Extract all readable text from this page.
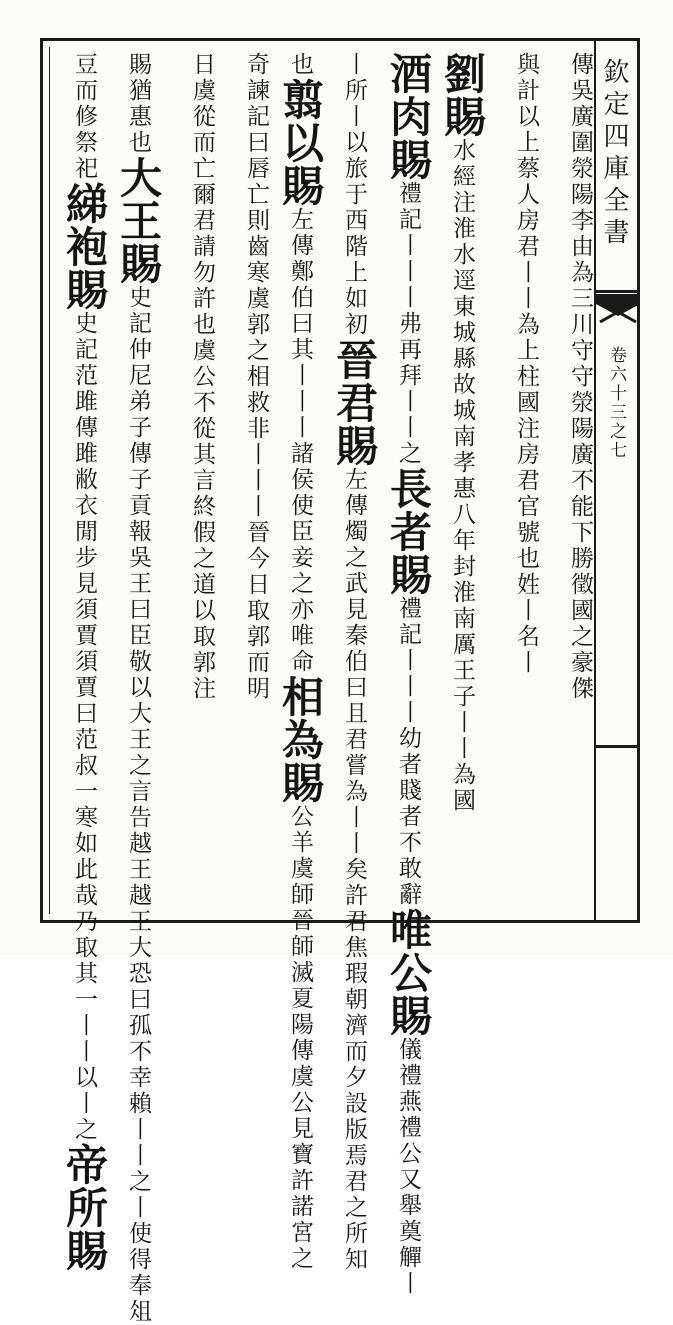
欽定四庫全書
卷六十三之七
傳吳廣圍滎陽李由為三川守守滎陽廣不能下勝徵國之豪傑
與計以上蔡人房君丨丨為上柱國注房君官號也姓丨名丨
劉賜水經注淮水逕東城縣故城南孝惠八年封淮南厲王子丨丨為國
酒肉賜禮記丨丨丨弗再拜丨丨之長者賜禮記丨丨丨幼者賤者不敢辭唯公賜儀禮燕禮公又舉奠觶丨
丨所丨以旅于西階上如初晉君賜左傳燭之武見秦伯曰且君嘗為丨丨矣許君焦瑕朝濟而夕設版焉君之所知
也翦以賜左傳鄭伯曰其丨丨丨諸侯使臣妾之亦唯命相為賜公羊虞師晉師滅夏陽傳虞公見寶許諾宮之
奇諫記曰唇亡則齒寒虞郭之相救非丨丨丨晉今日取郭而明
日虞從而亡爾君請勿許也虞公不從其言終假之道以取郭注
賜猶惠也大王賜史記仲尼弟子傳子貢報吳王曰臣敬以大王之言告越王越王大恐曰孤不幸賴丨丨之丨使得奉俎
豆而修祭祀綈袍賜史記范雎傳雎敝衣閒步見須賈須賈曰范叔一寒如此哉乃取其一丨丨以丨之帝所賜
